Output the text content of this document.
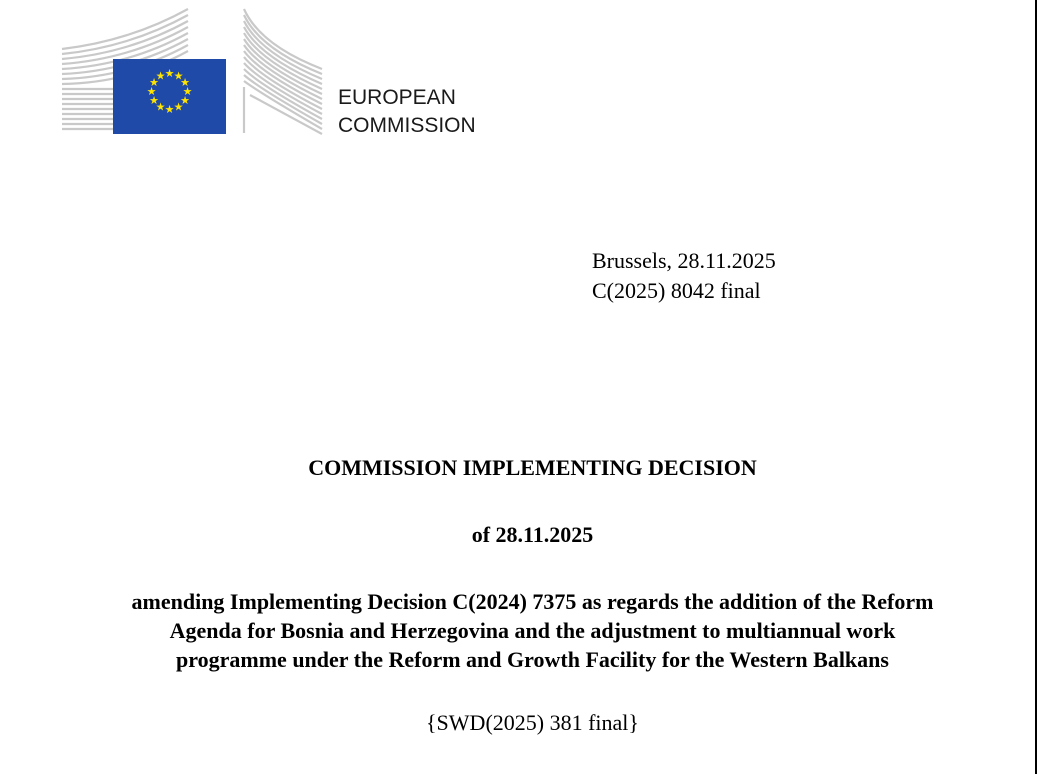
★ ★
★
★
★
★
★
★
★
★
★
★
EUROPEAN
COMMISSION
Brussels, 28.11.2025
C(2025) 8042 final
COMMISSION IMPLEMENTING DECISION
of 28.11.2025
amending Implementing Decision C(2024) 7375 as regards the addition of the Reform
Agenda for Bosnia and Herzegovina and the adjustment to multiannual work
programme under the Reform and Growth Facility for the Western Balkans
{SWD(2025) 381 final}
